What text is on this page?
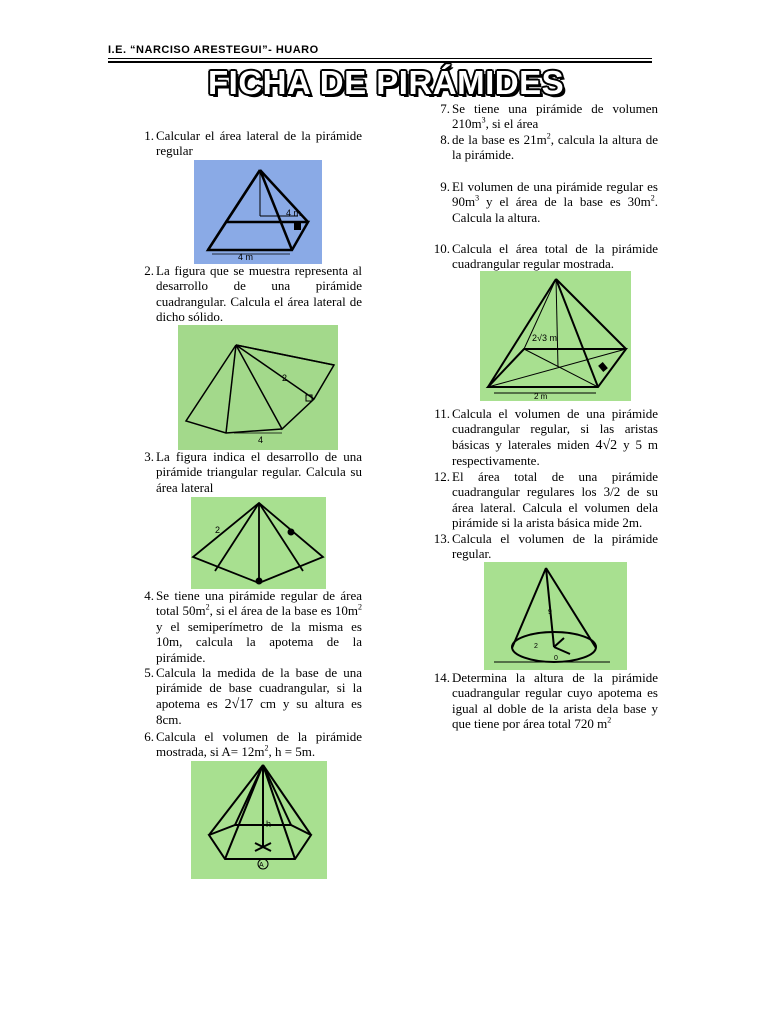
I.E. “NARCISO ARESTEGUI”- HUARO
FICHA DE PIRÁMIDES
1. Calcular el área lateral de la pirámide regular
4 m
4 m
2. La figura que se muestra representa al desarrollo de una pirámide cuadrangular. Calcula el área lateral de dicho sólido.
2
4
3. La figura indica el desarrollo de una pirámide triangular regular. Calcula su área lateral
2
4. Se tiene una pirámide regular de área total $50m^2$, si el área de la base es $10m^2$ y el semiperímetro de la misma es 10m, calcula la apotema de la pirámide.
5. Calcula la medida de la base de una pirámide de base cuadrangular, si la apotema es 2√17 cm y su altura es 8cm.
6. Calcula el volumen de la pirámide mostrada, si $A= 12m^2$, h = 5m.
A
h
7. Se tiene una pirámide de volumen $210m^3$, si el área
8. de la base es $21m^2$, calcula la altura de la pirámide.
9. El volumen de una pirámide regular es $90m^3$ y el área de la base es $30m^2$. Calcula la altura.
10. Calcula el área total de la pirámide cuadrangular regular mostrada.
2√3 m
2 m
11. Calcula el volumen de una pirámide cuadrangular regular, si las aristas básicas y laterales miden 4√2 y 5 m respectivamente.
12. El área total de una pirámide cuadrangular regulares los 3/2 de su área lateral. Calcula el volumen dela pirámide si la arista básica mide 2m.
13. Calcula el volumen de la pirámide regular.
9
2
0
14. Determina la altura de la pirámide cuadrangular regular cuyo apotema es igual al doble de la arista dela base y que tiene por área total 720 $m^2$
